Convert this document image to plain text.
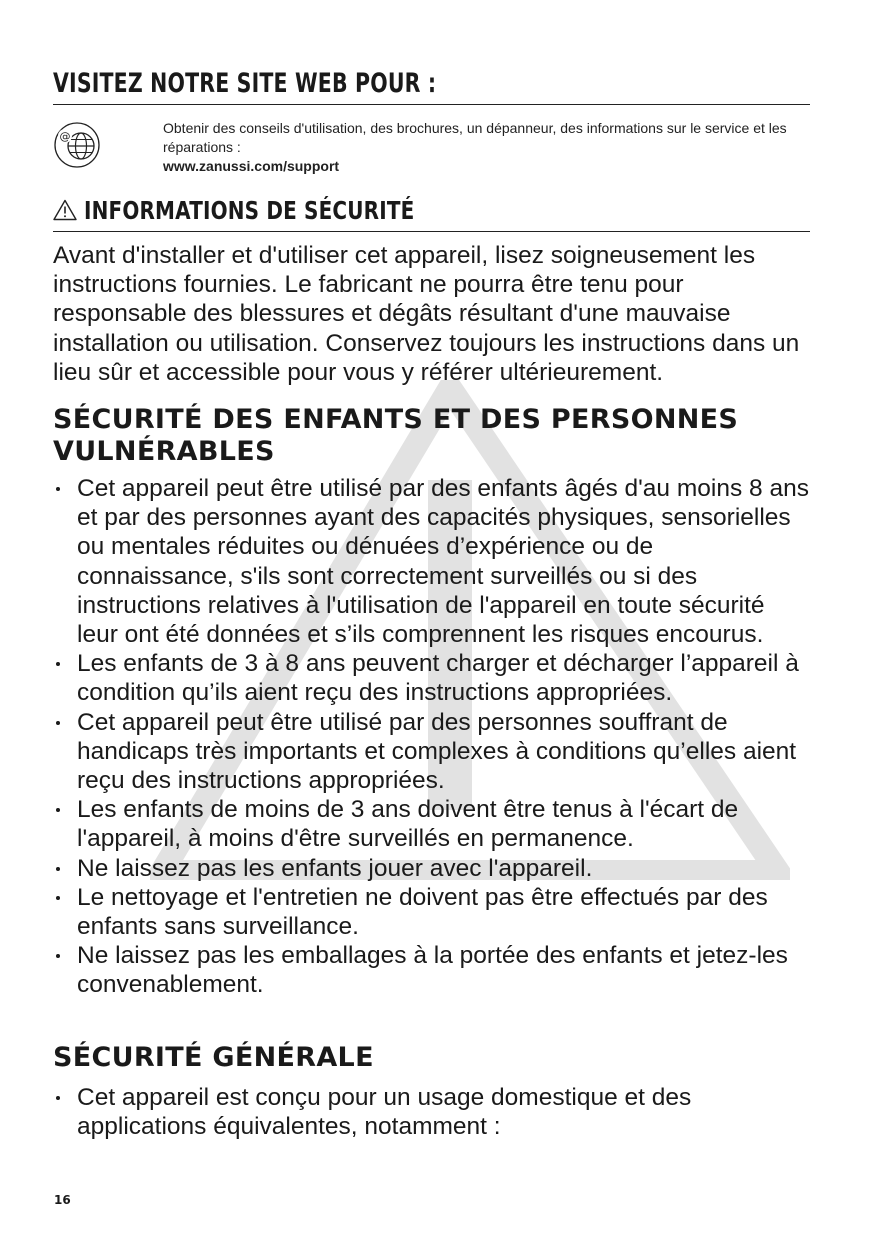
VISITEZ NOTRE SITE WEB POUR :
@
Obtenir des conseils d'utilisation, des brochures, un dépanneur, des informations sur le service et les réparations :
www.zanussi.com/support
INFORMATIONS DE SÉCURITÉ

Avant d'installer et d'utiliser cet appareil, lisez soigneusement les instructions fournies. Le fabricant ne pourra être tenu pour responsable des blessures et dégâts résultant d'une mauvaise installation ou utilisation. Conservez toujours les instructions dans un lieu sûr et accessible pour vous y référer ultérieurement.

SÉCURITÉ DES ENFANTS ET DES PERSONNES VULNÉRABLES
Cet appareil peut être utilisé par des enfants âgés d'au moins 8 ans et par des personnes ayant des capacités physiques, sensorielles ou mentales réduites ou dénuées d’expérience ou de connaissance, s'ils sont correctement surveillés ou si des instructions relatives à l'utilisation de l'appareil en toute sécurité leur ont été données et s’ils comprennent les risques encourus.
Les enfants de 3 à 8 ans peuvent charger et décharger l’appareil à condition qu’ils aient reçu des instructions appropriées.
Cet appareil peut être utilisé par des personnes souffrant de handicaps très importants et complexes à conditions qu’elles aient reçu des instructions appropriées.
Les enfants de moins de 3 ans doivent être tenus à l'écart de l'appareil, à moins d'être surveillés en permanence.
Ne laissez pas les enfants jouer avec l'appareil.
Le nettoyage et l'entretien ne doivent pas être effectués par des enfants sans surveillance.
Ne laissez pas les emballages à la portée des enfants et jetez-les convenablement.
SÉCURITÉ GÉNÉRALE
Cet appareil est conçu pour un usage domestique et des applications équivalentes, notamment :
16
